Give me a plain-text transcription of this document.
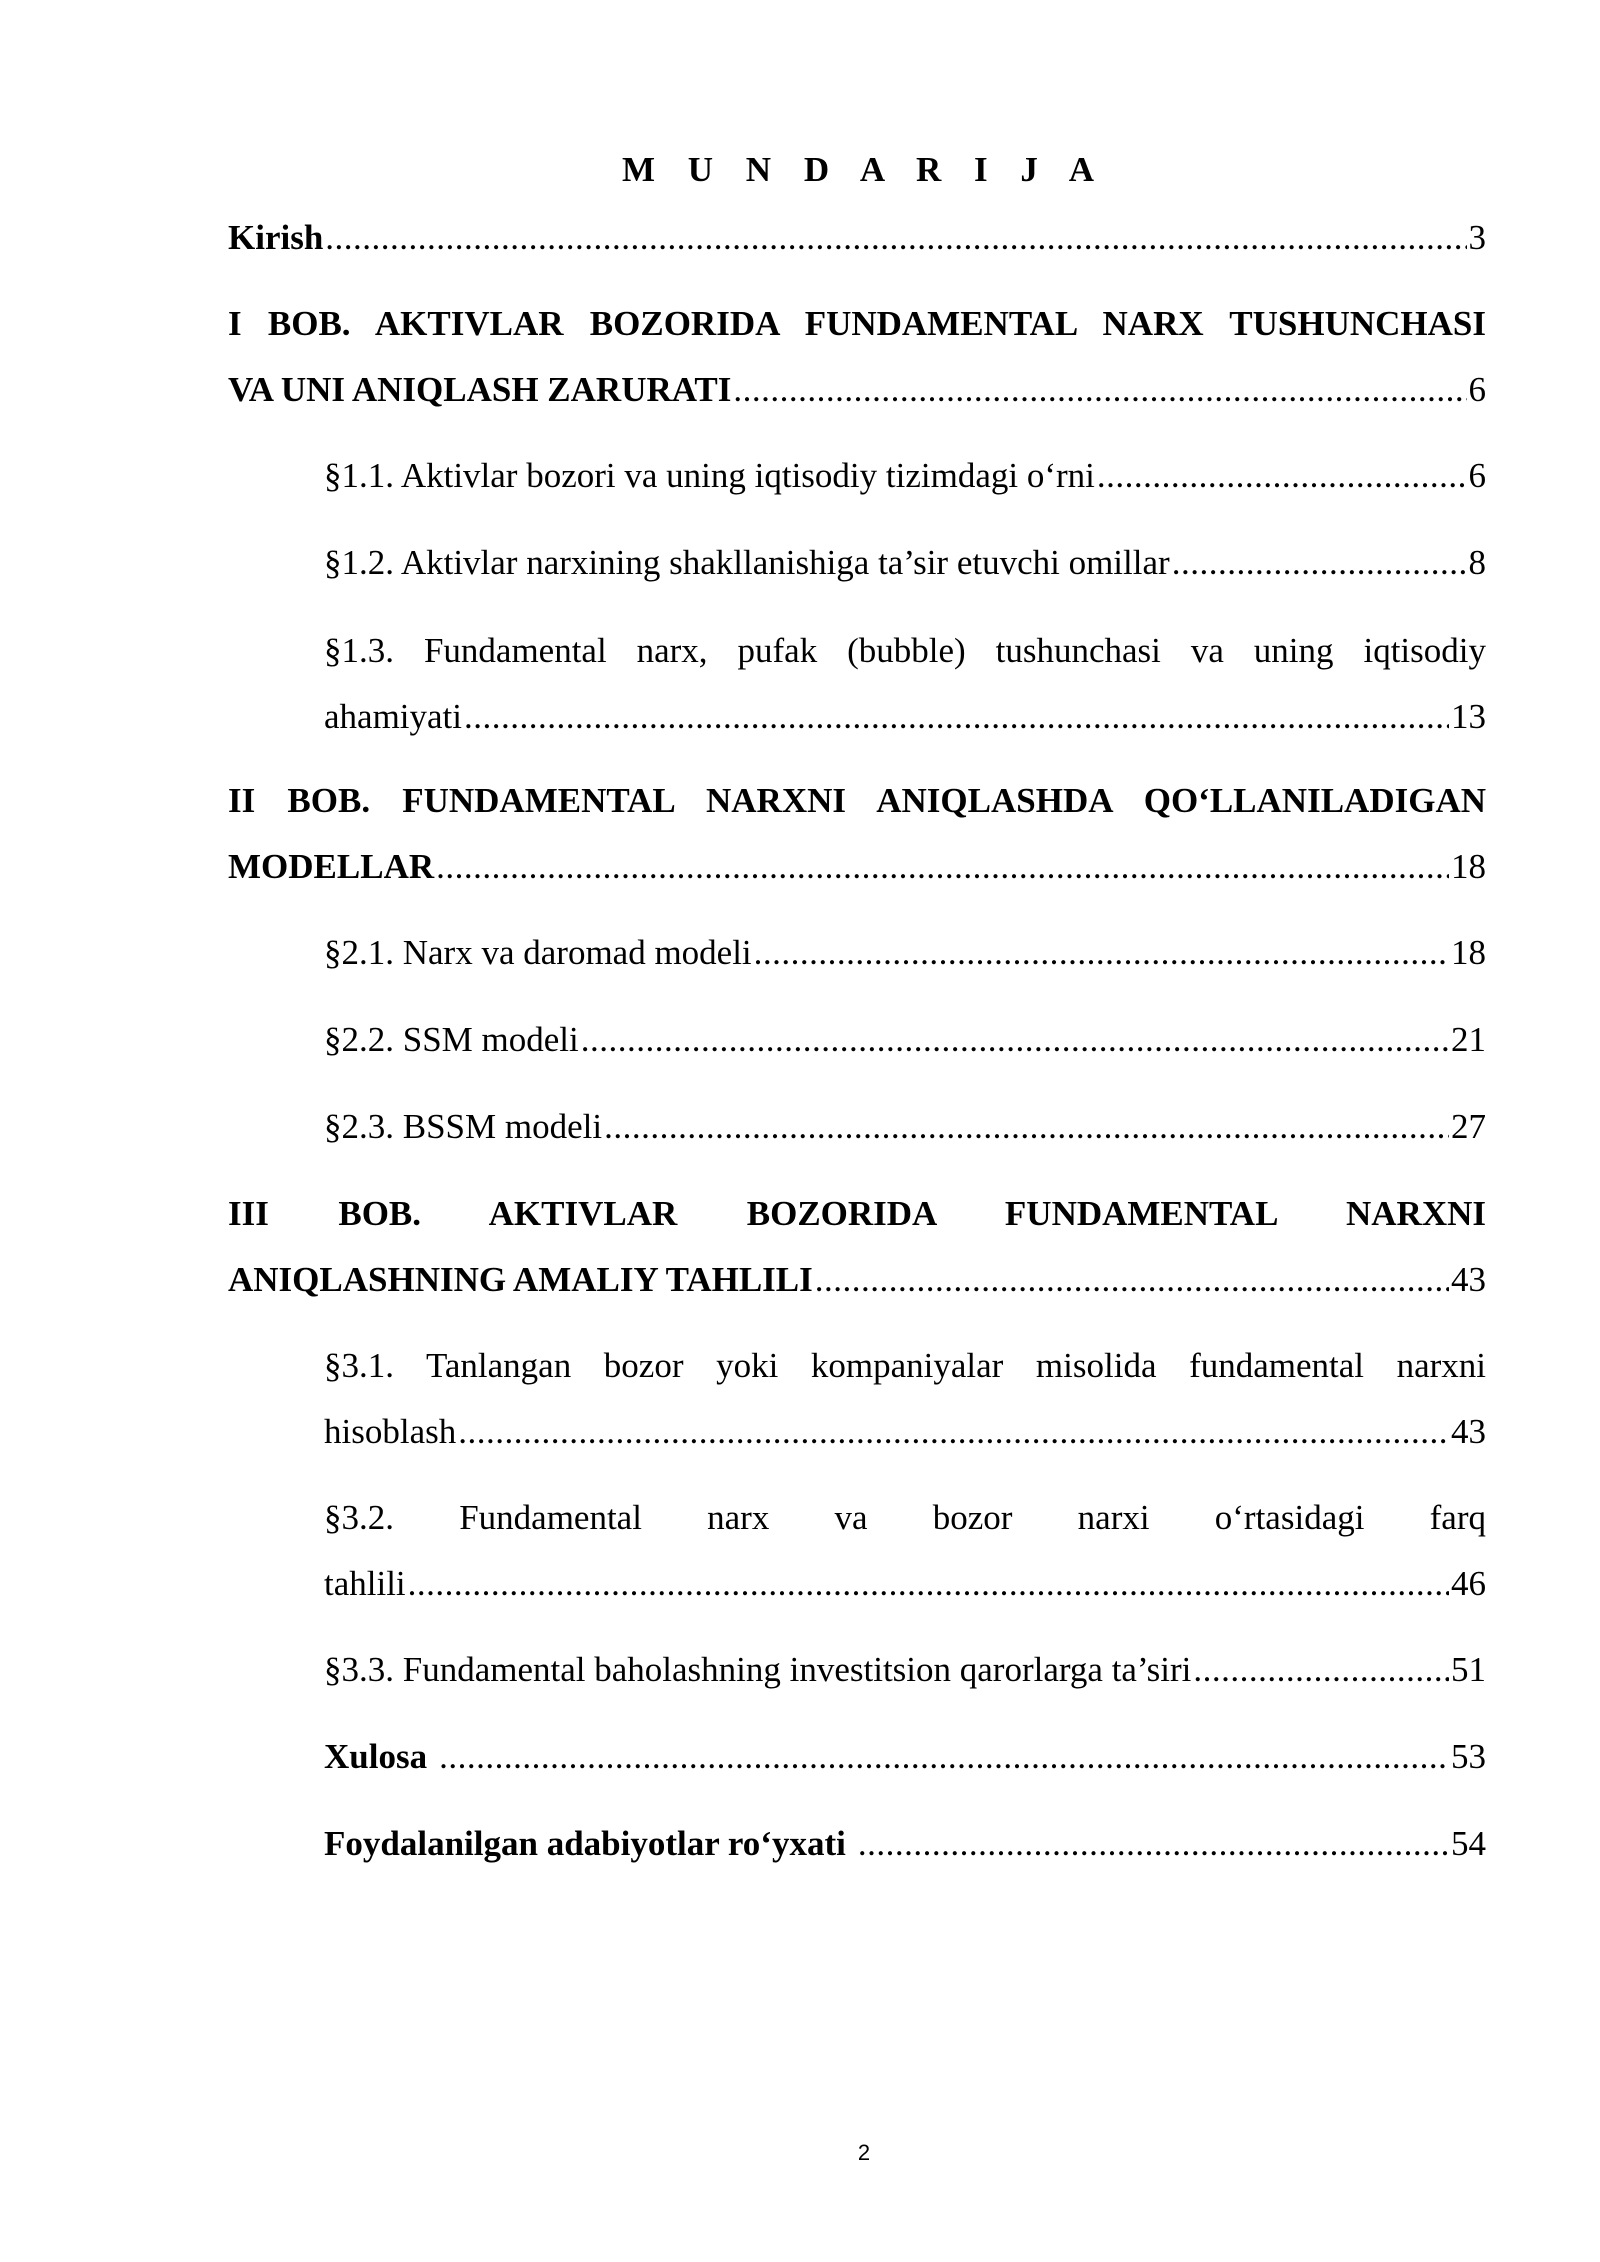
M U N D A R I J A
Kirish .....	3
I BOB. AKTIVLAR BOZORIDA FUNDAMENTAL NARX TUSHUNCHASI
VA UNI ANIQLASH ZARURATI .....	6
§1.1. Aktivlar bozori va uning iqtisodiy tizimdagi o‘rni .....	6
§1.2. Aktivlar narxining shakllanishiga ta’sir etuvchi omillar .....	8
§1.3. Fundamental narx, pufak (bubble) tushunchasi va uning iqtisodiy
ahamiyati .....	13
II BOB. FUNDAMENTAL NARXNI ANIQLASHDA QO‘LLANILADIGAN
MODELLAR .....	18
§2.1. Narx va daromad modeli .....	18
§2.2. SSM modeli .....	21
§2.3. BSSM modeli .....	27
III BOB. AKTIVLAR BOZORIDA FUNDAMENTAL NARXNI
ANIQLASHNING AMALIY TAHLILI .....	43
§3.1. Tanlangan bozor yoki kompaniyalar misolida fundamental narxni
hisoblash .....	43
§3.2. Fundamental narx va bozor narxi o‘rtasidagi farq
tahlili .....	46
§3.3. Fundamental baholashning investitsion qarorlarga ta’siri .....	51
Xulosa .....	53
Foydalanilgan adabiyotlar ro‘yxati .....	54
2
